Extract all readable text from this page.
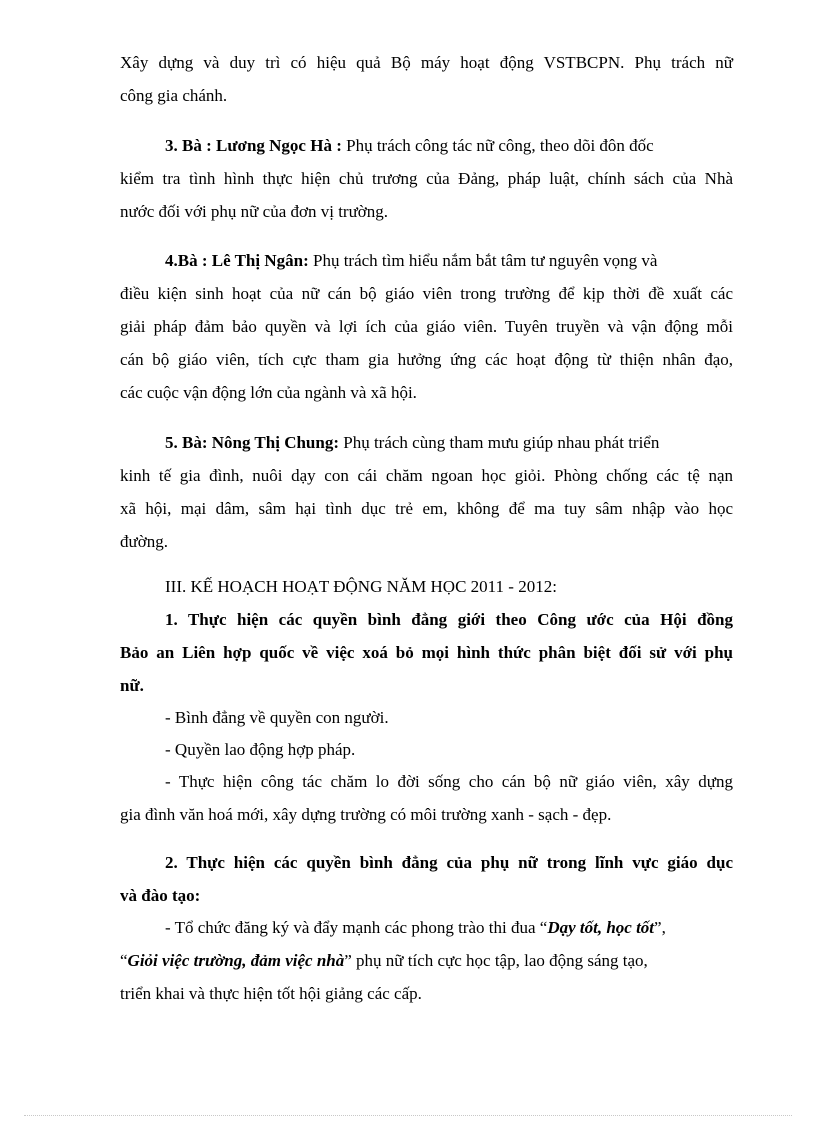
Xây dựng và duy trì có hiệu quả Bộ máy hoạt động VSTBCPN. Phụ trách nữ
công gia chánh.
3. Bà : Lương Ngọc Hà : Phụ trách công tác nữ công, theo dõi đôn đốc
kiểm tra tình hình thực hiện chủ trương của Đảng, pháp luật, chính sách của Nhà
nước đối với phụ nữ của đơn vị trường.
4.Bà : Lê Thị Ngân: Phụ trách tìm hiểu nắm bắt tâm tư nguyên vọng và
điều kiện sinh hoạt của nữ cán bộ giáo viên trong trường để kịp thời đề xuất các
giải pháp đảm bảo quyền và lợi ích của giáo viên. Tuyên truyền và vận động mỗi
cán bộ giáo viên, tích cực tham gia hưởng ứng các hoạt động từ thiện nhân đạo,
các cuộc vận động lớn của ngành và xã hội.
5. Bà: Nông Thị Chung: Phụ trách cùng tham mưu giúp nhau phát triển
kinh tế gia đình, nuôi dạy con cái chăm ngoan học giỏi. Phòng chống các tệ nạn
xã hội, mại dâm, sâm hại tình dục trẻ em, không để ma tuy sâm nhập vào học
đường.
III. KẾ HOẠCH HOẠT ĐỘNG NĂM HỌC 2011 - 2012:
1. Thực hiện các quyền bình đẳng giới theo Công ước của Hội đồng
Bảo an Liên hợp quốc về việc xoá bỏ mọi hình thức phân biệt đối sử với phụ
nữ.
- Bình đẳng về quyền con người.
- Quyền lao động hợp pháp.
- Thực hiện công tác chăm lo đời sống cho cán bộ nữ giáo viên, xây dựng
gia đình văn hoá mới, xây dựng trường có môi trường xanh - sạch - đẹp.
2. Thực hiện các quyền bình đẳng của phụ nữ trong lĩnh vực giáo dục
và đào tạo:
- Tổ chức đăng ký và đẩy mạnh các phong trào thi đua “Dạy tốt, học tốt”,
“Giỏi việc trường, đảm việc nhà” phụ nữ tích cực học tập, lao động sáng tạo,
triển khai và thực hiện tốt hội giảng các cấp.
